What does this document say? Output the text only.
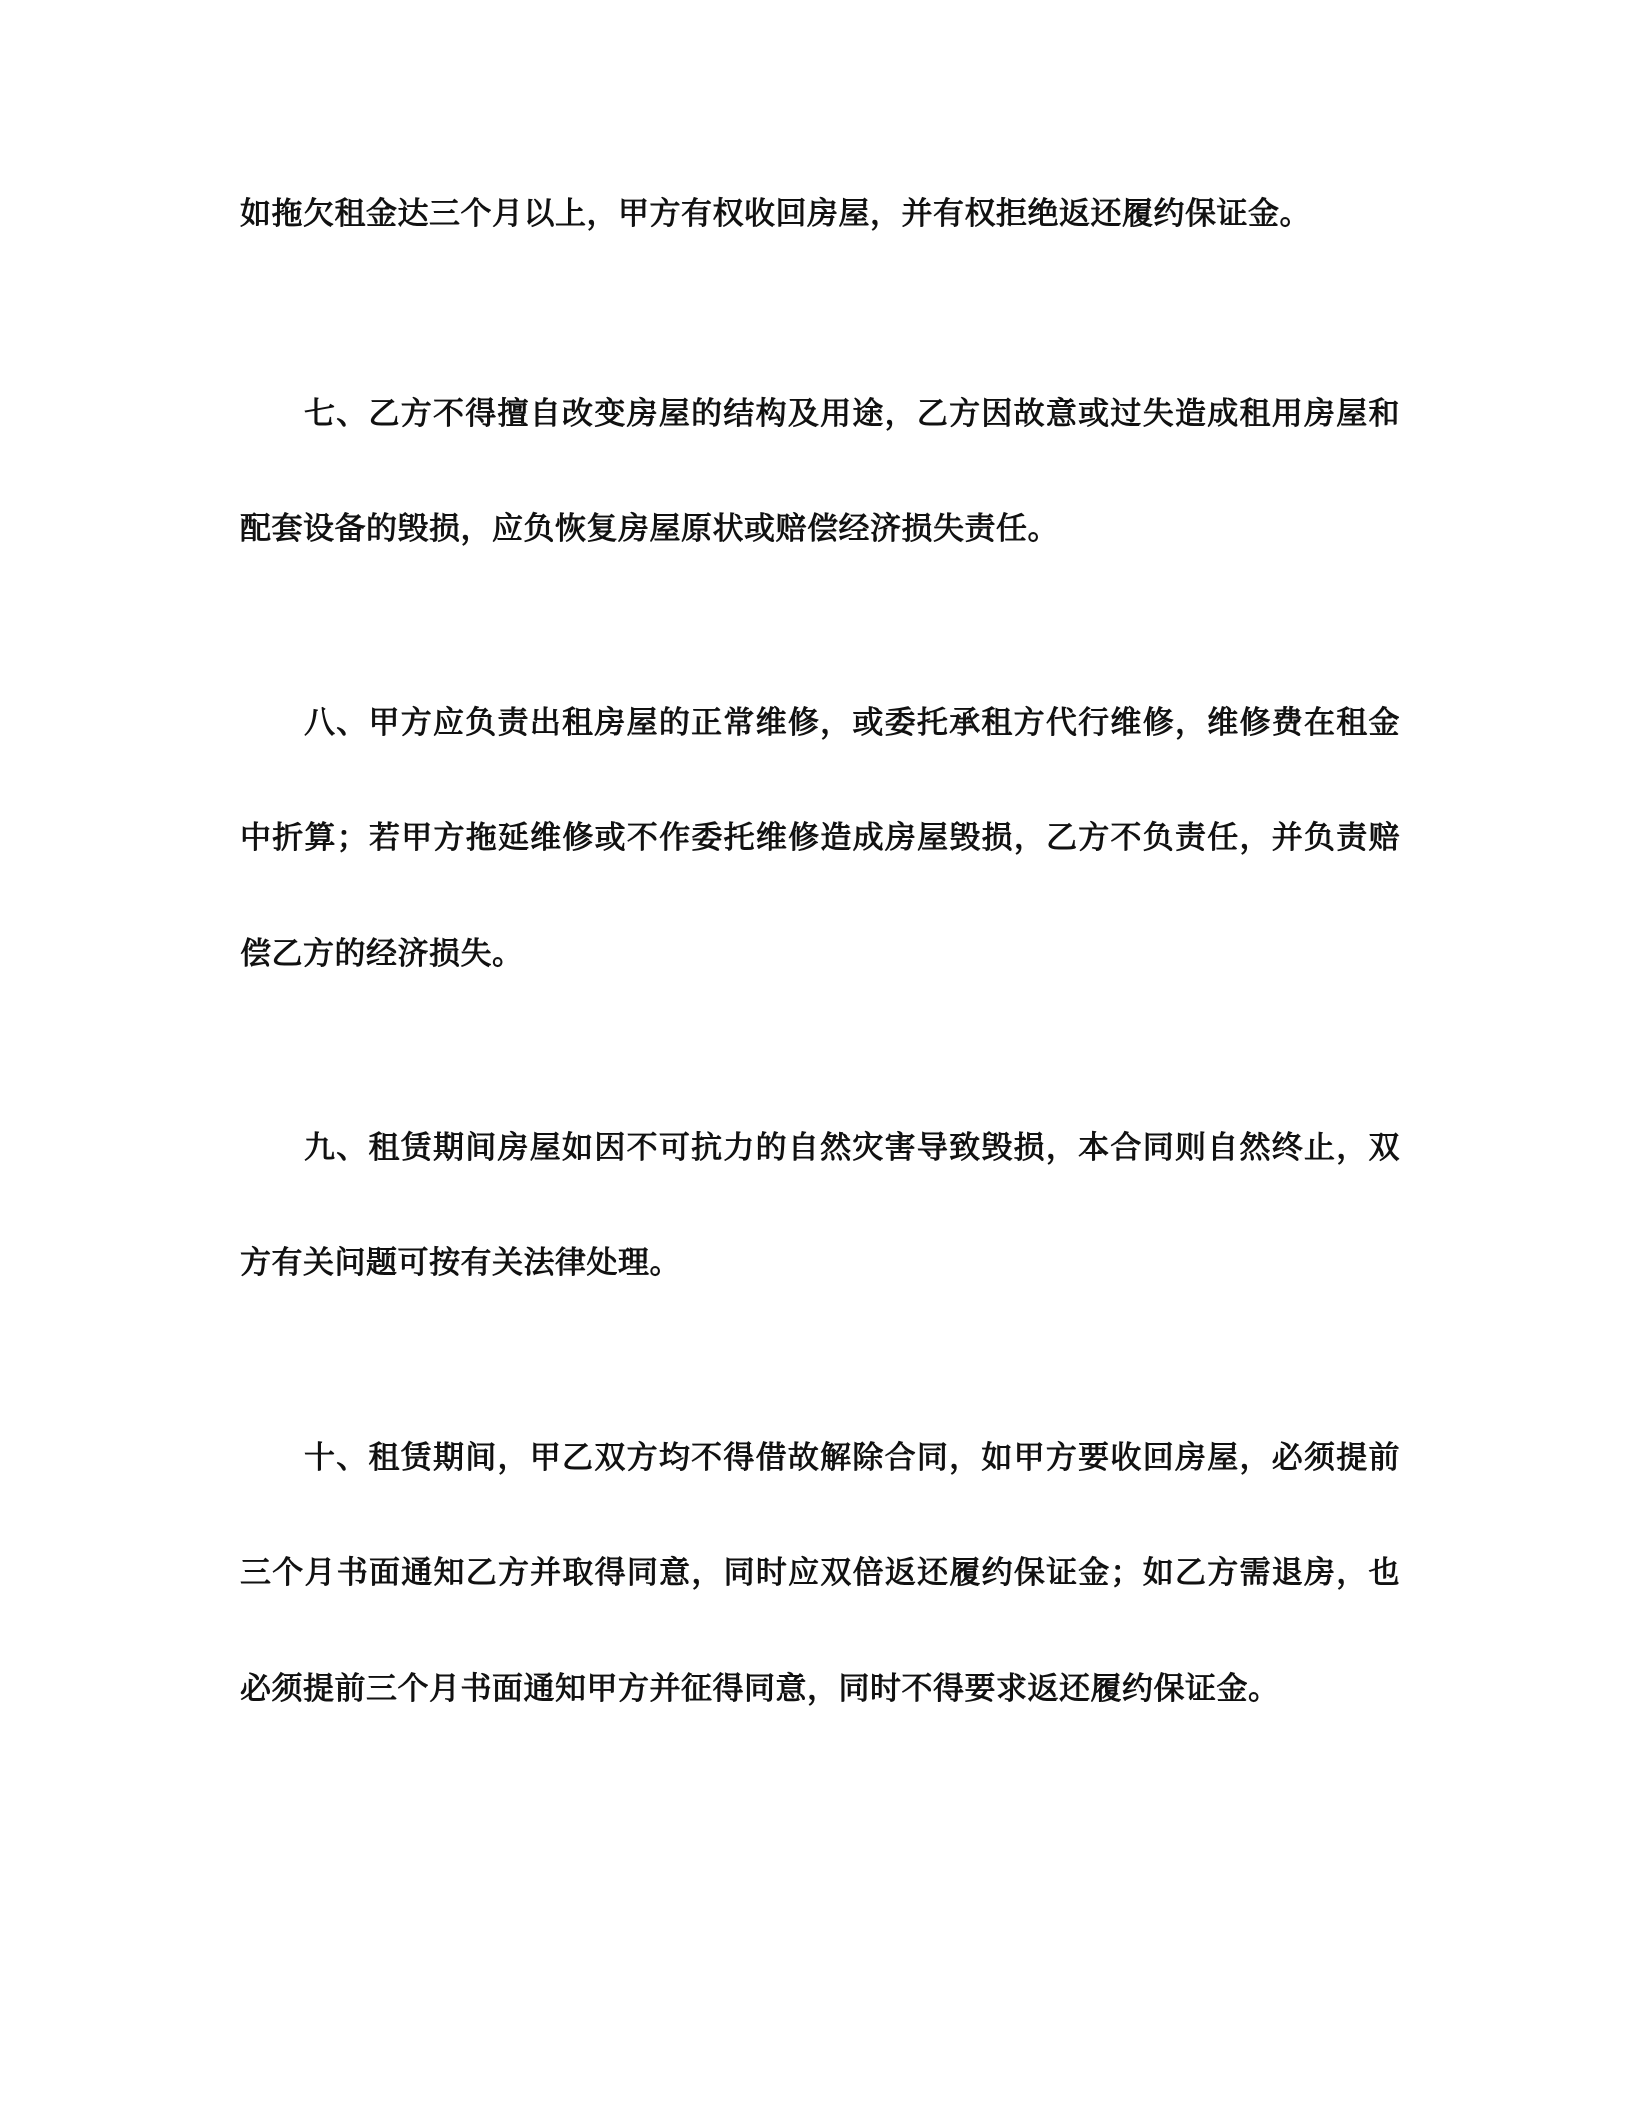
如拖欠租金达三个月以上，甲方有权收回房屋，并有权拒绝返还履约保证金。
七、乙方不得擅自改变房屋的结构及用途，乙方因故意或过失造成租用房屋和
配套设备的毁损，应负恢复房屋原状或赔偿经济损失责任。
八、甲方应负责出租房屋的正常维修，或委托承租方代行维修，维修费在租金
中折算；若甲方拖延维修或不作委托维修造成房屋毁损，乙方不负责任，并负责赔
偿乙方的经济损失。
九、租赁期间房屋如因不可抗力的自然灾害导致毁损，本合同则自然终止，双
方有关问题可按有关法律处理。
十、租赁期间，甲乙双方均不得借故解除合同，如甲方要收回房屋，必须提前
三个月书面通知乙方并取得同意，同时应双倍返还履约保证金；如乙方需退房，也
必须提前三个月书面通知甲方并征得同意，同时不得要求返还履约保证金。
